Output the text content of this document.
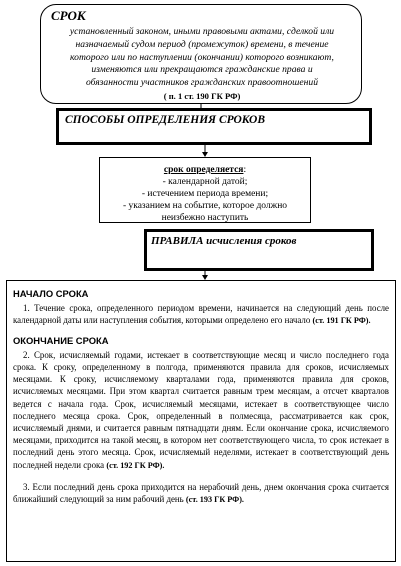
СРОК
установленный законом, иными правовыми актами, сделкой или
назначаемый судом период (промежуток) времени, в течение
которого или по наступлении (окончании) которого возникают,
изменяются или прекращаются гражданские права и
обязанности участников гражданских правоотношений
( п. 1 ст. 190 ГК РФ)
СПОСОБЫ ОПРЕДЕЛЕНИЯ СРОКОВ
срок определяется:
- календарной датой;
- истечением периода времени;
- указанием на событие, которое должно
неизбежно наступить
ПРАВИЛА исчисления сроков
НАЧАЛО СРОКА

1. Течение срока, определенного периодом времени, начинается на следующий день после календарной даты или наступления события, которыми определено его начало (ст. 191 ГК РФ).

ОКОНЧАНИЕ СРОКА

2. Срок, исчисляемый годами, истекает в соответствующие месяц и число последнего года срока. К сроку, определенному в полгода, применяются правила для сроков, исчисляемых месяцами. К сроку, исчисляемому кварталами года, применяются правила для сроков, исчисляемых месяцами. При этом квартал считается равным трем месяцам, а отсчет кварталов ведется с начала года. Срок, исчисляемый месяцами, истекает в соответствующее число последнего месяца срока. Срок, определенный в полмесяца, рассматривается как срок, исчисляемый днями, и считается равным пятнадцати дням. Если окончание срока, исчисляемого месяцами, приходится на такой месяц, в котором нет соответствующего числа, то срок истекает в последний день этого месяца. Срок, исчисляемый неделями, истекает в соответствующий день последней недели срока (ст. 192 ГК РФ).

3. Если последний день срока приходится на нерабочий день, днем окончания срока считается ближайший следующий за ним рабочий день (ст. 193 ГК РФ).
